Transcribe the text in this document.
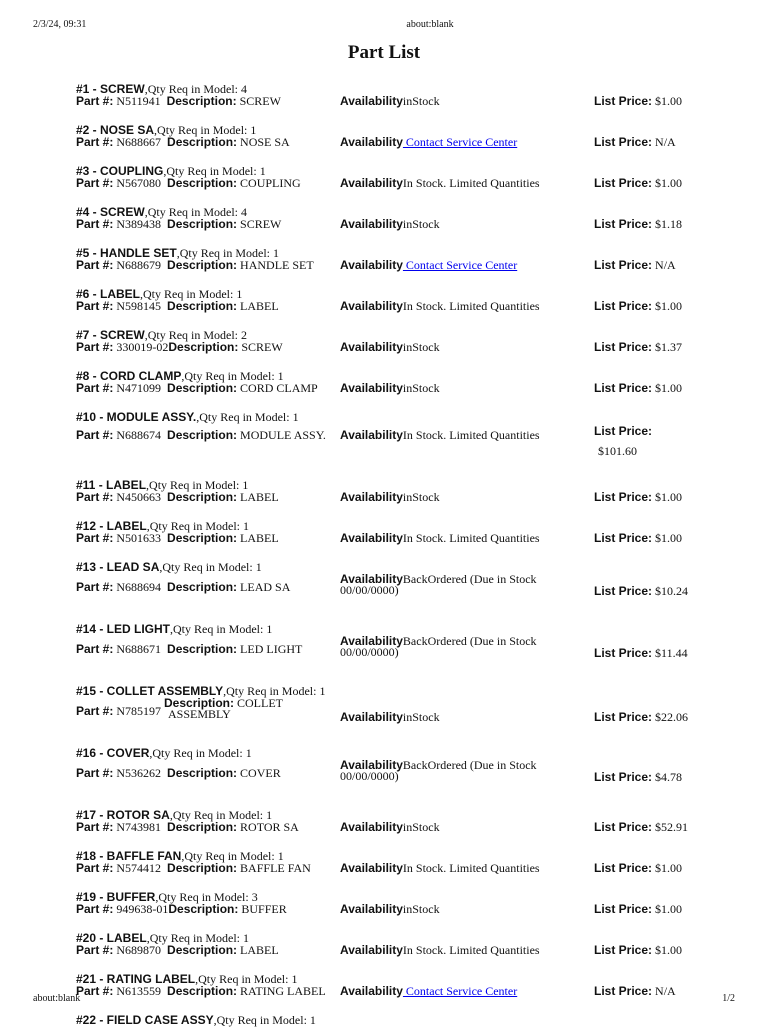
2/3/24, 09:31	about:blank
Part List
#1 - SCREW,Qty Req in Model: 4
Part #: N511941 Description: SCREW	AvailabilityinStock	List Price: $1.00
#2 - NOSE SA,Qty Req in Model: 1
Part #: N688667 Description: NOSE SA	Availability Contact Service Center	List Price: N/A
#3 - COUPLING,Qty Req in Model: 1
Part #: N567080 Description: COUPLING	AvailabilityIn Stock. Limited Quantities	List Price: $1.00
#4 - SCREW,Qty Req in Model: 4
Part #: N389438 Description: SCREW	AvailabilityinStock	List Price: $1.18
#5 - HANDLE SET,Qty Req in Model: 1
Part #: N688679 Description: HANDLE SET Availability Contact Service Center	List Price: N/A
#6 - LABEL,Qty Req in Model: 1
Part #: N598145 Description: LABEL	AvailabilityIn Stock. Limited Quantities	List Price: $1.00
#7 - SCREW,Qty Req in Model: 2
Part #: 330019-02Description: SCREW	AvailabilityinStock	List Price: $1.37
#8 - CORD CLAMP,Qty Req in Model: 1
Part #: N471099 Description: CORD CLAMP AvailabilityinStock	List Price: $1.00
#10 - MODULE ASSY.,Qty Req in Model: 1
Part #: N688674 Description: MODULE ASSY. AvailabilityIn Stock. Limited Quantities	List Price:
$101.60
#11 - LABEL,Qty Req in Model: 1
Part #: N450663 Description: LABEL	AvailabilityinStock	List Price: $1.00
#12 - LABEL,Qty Req in Model: 1
Part #: N501633 Description: LABEL	AvailabilityIn Stock. Limited Quantities	List Price: $1.00
#13 - LEAD SA,Qty Req in Model: 1
Part #: N688694 Description: LEAD SA
AvailabilityBackOrdered (Due in Stock
00/00/0000)	List Price: $10.24
#14 - LED LIGHT,Qty Req in Model: 1
Part #: N688671 Description: LED LIGHT
AvailabilityBackOrdered (Due in Stock
00/00/0000)	List Price: $11.44
#15 - COLLET ASSEMBLY,Qty Req in Model: 1
Part #: N785197
Description: COLLET
ASSEMBLY	AvailabilityinStock	List Price: $22.06
#16 - COVER,Qty Req in Model: 1
Part #: N536262 Description: COVER
AvailabilityBackOrdered (Due in Stock
00/00/0000)	List Price: $4.78
#17 - ROTOR SA,Qty Req in Model: 1
Part #: N743981 Description: ROTOR SA	AvailabilityinStock	List Price: $52.91
#18 - BAFFLE FAN,Qty Req in Model: 1
Part #: N574412 Description: BAFFLE FAN AvailabilityIn Stock. Limited Quantities	List Price: $1.00
#19 - BUFFER,Qty Req in Model: 3
Part #: 949638-01Description: BUFFER	AvailabilityinStock	List Price: $1.00
#20 - LABEL,Qty Req in Model: 1
Part #: N689870 Description: LABEL	AvailabilityIn Stock. Limited Quantities	List Price: $1.00
#21 - RATING LABEL,Qty Req in Model: 1
Part #: N613559 Description: RATING LABEL Availability Contact Service Center	List Price: N/A
#22 - FIELD CASE ASSY,Qty Req in Model: 1
about:blank	1/2
